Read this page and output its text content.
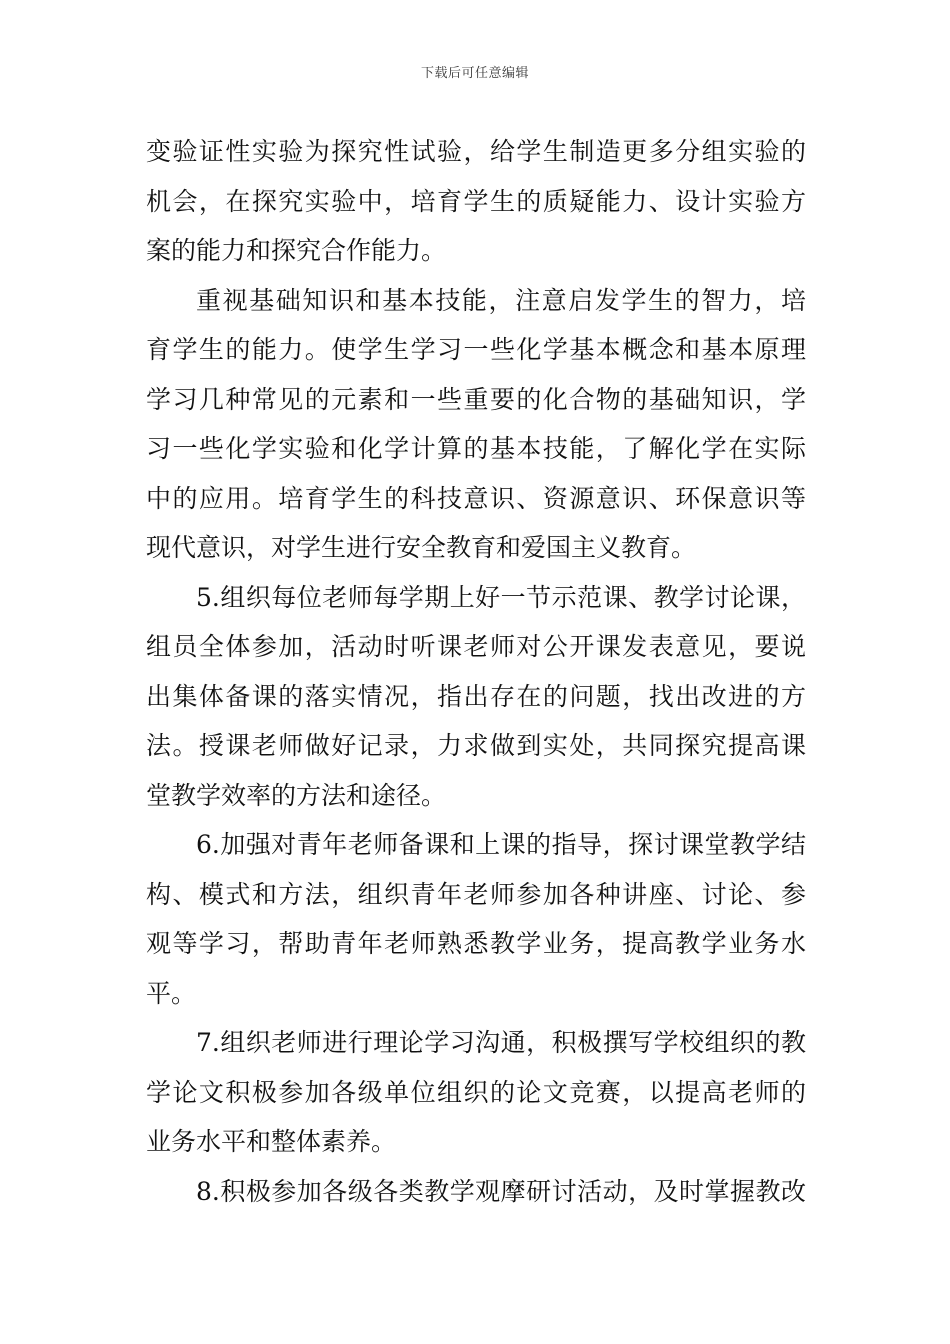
下载后可任意编辑
变验证性实验为探究性试验，给学生制造更多分组实验的
机会，在探究实验中，培育学生的质疑能力、设计实验方
案的能力和探究合作能力。
重视基础知识和基本技能，注意启发学生的智力，培
育学生的能力。使学生学习一些化学基本概念和基本原理
学习几种常见的元素和一些重要的化合物的基础知识，学
习一些化学实验和化学计算的基本技能，了解化学在实际
中的应用。培育学生的科技意识、资源意识、环保意识等
现代意识，对学生进行安全教育和爱国主义教育。
5.组织每位老师每学期上好一节示范课、教学讨论课，
组员全体参加，活动时听课老师对公开课发表意见，要说
出集体备课的落实情况，指出存在的问题，找出改进的方
法。授课老师做好记录，力求做到实处，共同探究提高课
堂教学效率的方法和途径。
6.加强对青年老师备课和上课的指导，探讨课堂教学结
构、模式和方法，组织青年老师参加各种讲座、讨论、参
观等学习，帮助青年老师熟悉教学业务，提高教学业务水
平。
7.组织老师进行理论学习沟通，积极撰写学校组织的教
学论文积极参加各级单位组织的论文竞赛，以提高老师的
业务水平和整体素养。
8.积极参加各级各类教学观摩研讨活动，及时掌握教改
